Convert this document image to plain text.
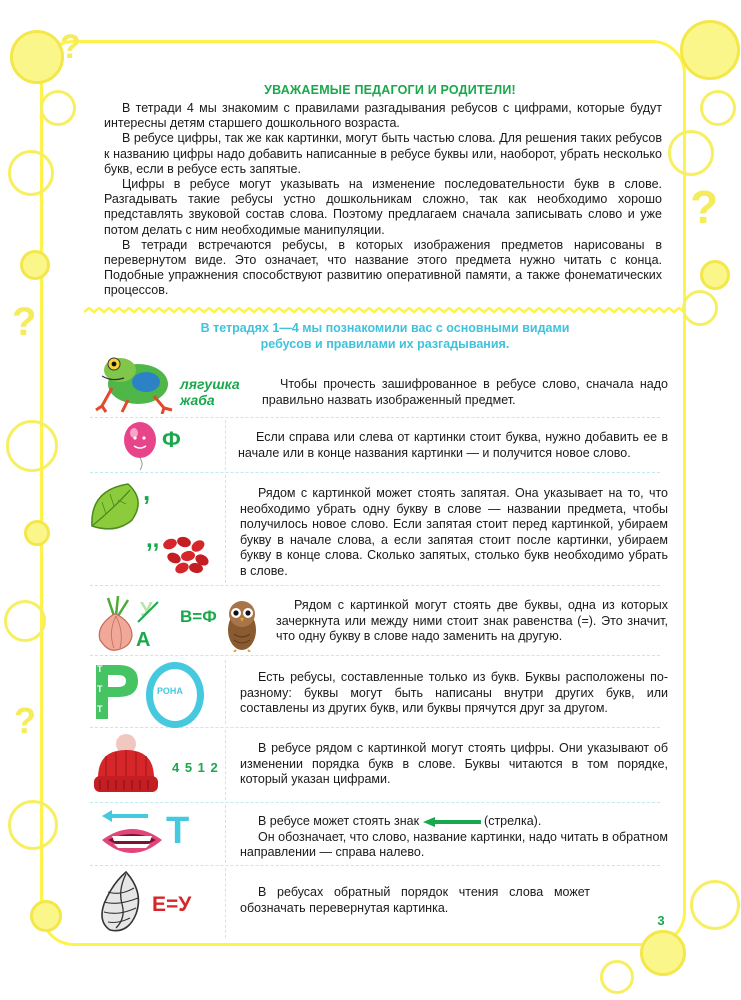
?
?
?
?
УВАЖАЕМЫЕ ПЕДАГОГИ И РОДИТЕЛИ!

В тетради 4 мы знакомим с правилами разгадывания ребусов с цифрами, которые будут интересны детям старшего дошкольного возраста.

В ребусе цифры, так же как картинки, могут быть частью слова. Для решения таких ребусов к названию цифры надо добавить написанные в ребусе буквы или, наоборот, убрать несколько букв, если в ребусе есть запятые.

Цифры в ребусе могут указывать на изменение последовательности букв в слове. Разгадывать такие ребусы устно дошкольникам сложно, так как необходимо хорошо представлять звуковой состав слова. Поэтому предлагаем сначала записывать слово и уже потом делать с ним необходимые манипуляции.

В тетради встречаются ребусы, в которых изображения предметов нарисованы в перевернутом виде. Это означает, что название этого предмета нужно читать с конца. Подобные упражнения способствуют развитию оперативной памяти, а также фонематических процессов.

В тетрадях 1—4 мы познакомили вас с основными видами
ребусов и правилами их разгадывания.
лягушка
жаба

Чтобы прочесть зашифрованное в ребусе слово, сначала надо правильно назвать изображенный предмет.

Ф	Если справа или слева от картинки стоит буква, нужно добавить ее в начале или в конце названия картинки — и получится новое слово.

,
,,

Рядом с картинкой может стоять запятая. Она указывает на то, что необходимо убрать одну букву в слове — названии предмета, чтобы получилось новое слово. Если запятая стоит перед картинкой, убираем букву в начале слова, а если запятая стоит после картинки, убираем букву в конце слова. Сколько запятых, столько букв необходимо убрать в слове.

У
А
В=Ф

Рядом с картинкой могут стоять две буквы, одна из которых зачеркнута или между ними стоит знак равенства (=). Это значит, что одну букву в слове надо заменить на другую.

Т
Т
Т
РОНА

Есть ребусы, составленные только из букв. Буквы расположены по-разному: буквы могут быть написаны внутри других букв, или составлены из других букв, или буквы прячутся друг за другом.

4 5 1 2

В ребусе рядом с картинкой могут стоять цифры. Они указывают об изменении порядка букв в слове. Буквы читаются в том порядке, который указан цифрами.

Т	В ребусе может стоять знак	(стрелка).

Он обозначает, что слово, название картинки, надо читать в обратном направлении — справа налево.

Е=У

В ребусах обратный порядок чтения слова может обозначать перевернутая картинка.

3
